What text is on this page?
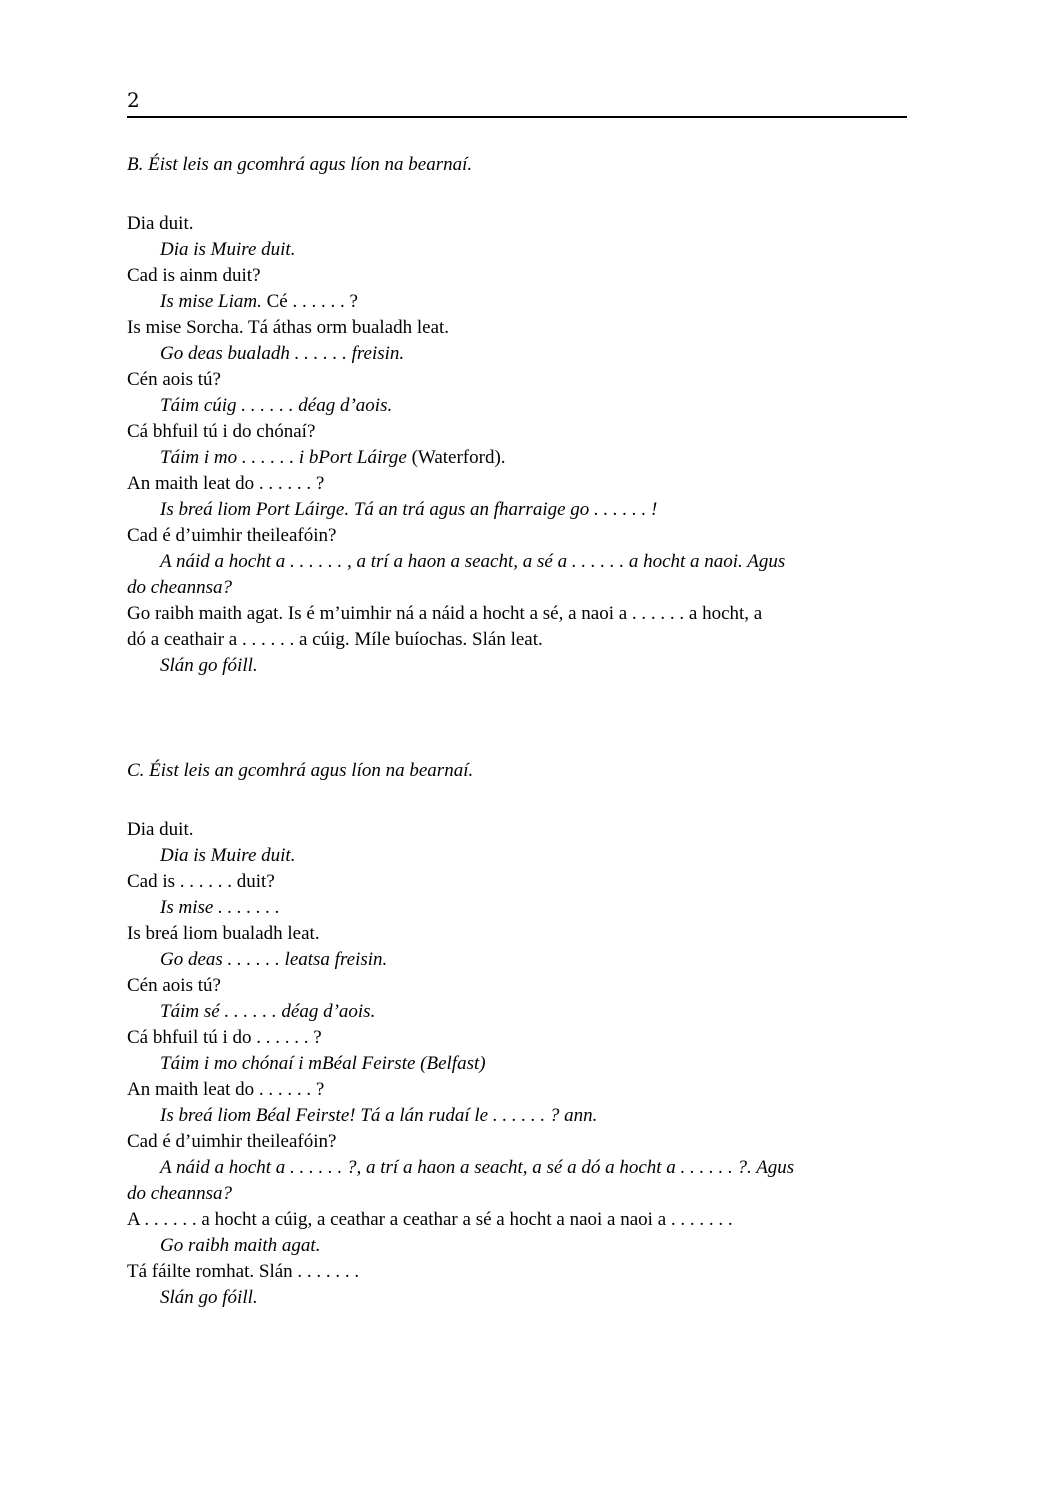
2

B. Éist leis an gcomhrá agus líon na bearnaí.

Dia duit.

Dia is Muire duit.

Cad is ainm duit?

Is mise Liam. Cé . . . . . . ?

Is mise Sorcha. Tá áthas orm bualadh leat.

Go deas bualadh . . . . . . freisin.

Cén aois tú?

Táim cúig . . . . . . déag d’aois.

Cá bhfuil tú i do chónaí?

Táim i mo . . . . . . i bPort Láirge (Waterford).

An maith leat do . . . . . . ?

Is breá liom Port Láirge. Tá an trá agus an fharraige go . . . . . . !

Cad é d’uimhir theileafóin?

A náid a hocht a . . . . . . , a trí a haon a seacht, a sé a . . . . . . a hocht a naoi. Agus

do cheannsa?

Go raibh maith agat. Is é m’uimhir ná a náid a hocht a sé, a naoi a . . . . . . a hocht, a

dó a ceathair a . . . . . . a cúig. Míle buíochas. Slán leat.

Slán go fóill.

C. Éist leis an gcomhrá agus líon na bearnaí.

Dia duit.

Dia is Muire duit.

Cad is . . . . . . duit?

Is mise . . . . . . .

Is breá liom bualadh leat.

Go deas . . . . . . leatsa freisin.

Cén aois tú?

Táim sé . . . . . . déag d’aois.

Cá bhfuil tú i do . . . . . . ?

Táim i mo chónaí i mBéal Feirste (Belfast)

An maith leat do . . . . . . ?

Is breá liom Béal Feirste! Tá a lán rudaí le . . . . . . ? ann.

Cad é d’uimhir theileafóin?

A náid a hocht a . . . . . . ?, a trí a haon a seacht, a sé a dó a hocht a . . . . . . ?. Agus

do cheannsa?

A . . . . . . a hocht a cúig, a ceathar a ceathar a sé a hocht a naoi a naoi a . . . . . . .

Go raibh maith agat.

Tá fáilte romhat. Slán . . . . . . .

Slán go fóill.
